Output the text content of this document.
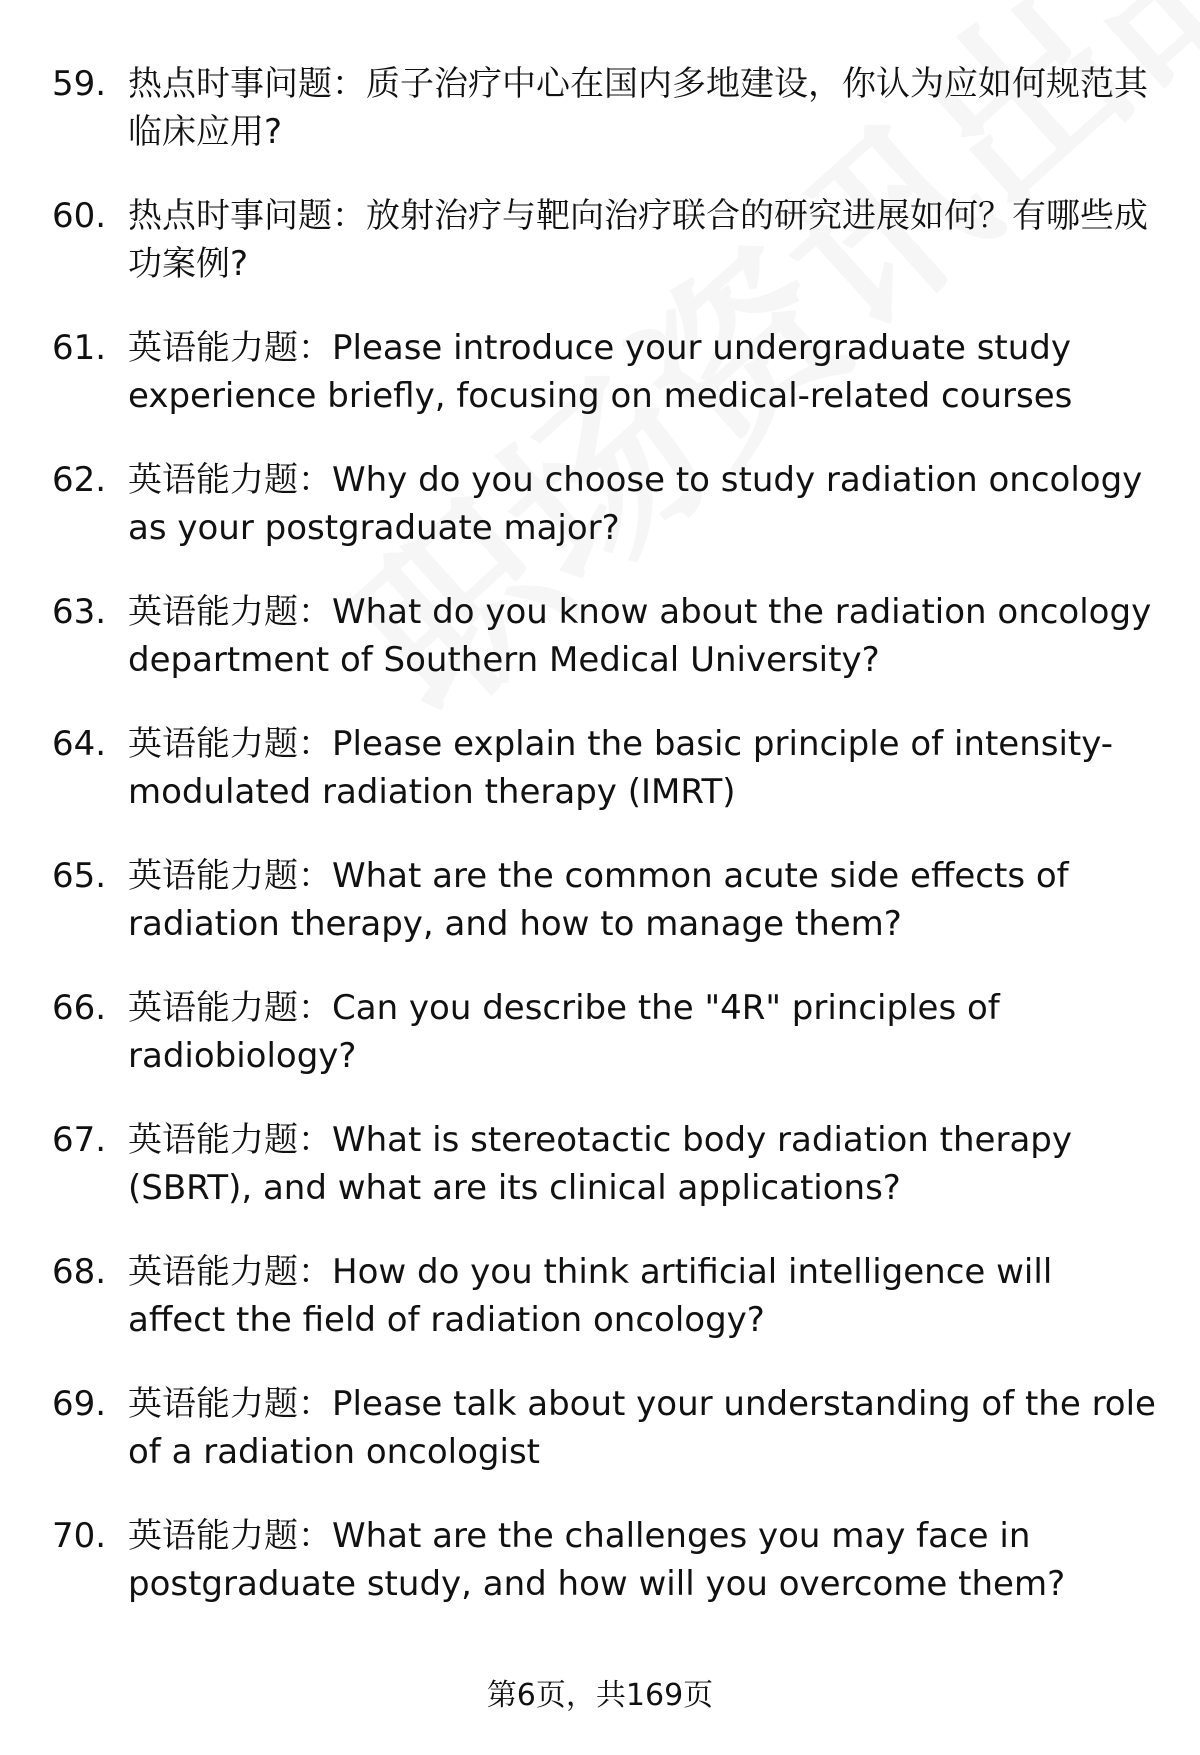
59. 热点时事问题：质子治疗中心在国内多地建设，你认为应如何规范其临床应用?
60. 热点时事问题：放射治疗与靶向治疗联合的研究进展如何？有哪些成功案例?
61. 英语能力题：Please introduce your undergraduate study experience briefly, focusing on medical-related courses
62. 英语能力题：Why do you choose to study radiation oncology as your postgraduate major?
63. 英语能力题：What do you know about the radiation oncology department of Southern Medical University?
64. 英语能力题：Please explain the basic principle of intensity-modulated radiation therapy (IMRT)
65. 英语能力题：What are the common acute side effects of radiation therapy, and how to manage them?
66. 英语能力题：Can you describe the "4R" principles of radiobiology?
67. 英语能力题：What is stereotactic body radiation therapy (SBRT), and what are its clinical applications?
68. 英语能力题：How do you think artificial intelligence will affect the field of radiation oncology?
69. 英语能力题：Please talk about your understanding of the role of a radiation oncologist
70. 英语能力题：What are the challenges you may face in postgraduate study, and how will you overcome them?
第6页，共169页
